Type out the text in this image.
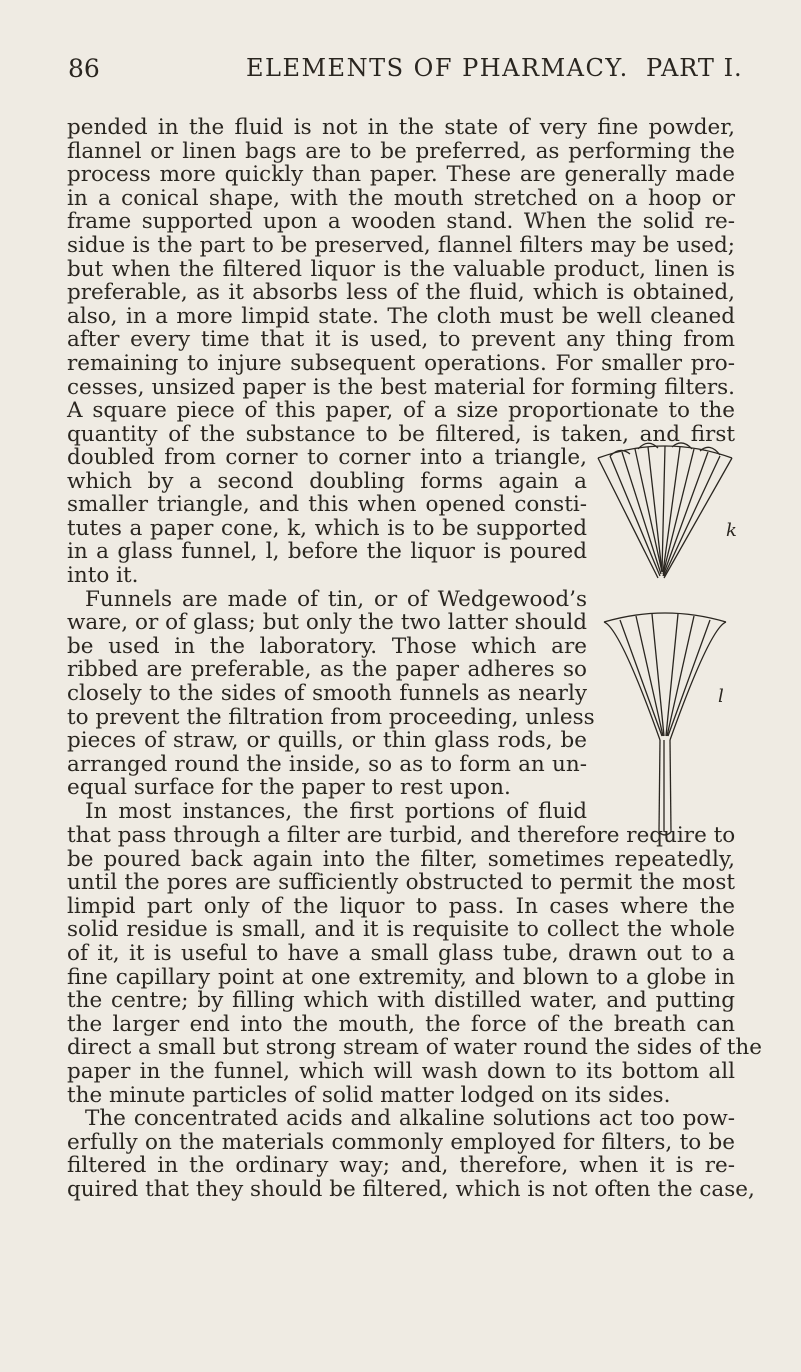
86	ELEMENTS OF PHARMACY. PART I.
pended in the fluid is not in the state of very fine powder,
flannel or linen bags are to be preferred, as performing the
process more quickly than paper. These are generally made
in a conical shape, with the mouth stretched on a hoop or
frame supported upon a wooden stand. When the solid re-
sidue is the part to be preserved, flannel filters may be used;
but when the filtered liquor is the valuable product, linen is
preferable, as it absorbs less of the fluid, which is obtained,
also, in a more limpid state. The cloth must be well cleaned
after every time that it is used, to prevent any thing from
remaining to injure subsequent operations. For smaller pro-
cesses, unsized paper is the best material for forming filters.
A square piece of this paper, of a size proportionate to the
quantity of the substance to be filtered, is taken, and first
doubled from corner to corner into a triangle,
which by a second doubling forms again a
smaller triangle, and this when opened consti-
tutes a paper cone, k, which is to be supported
in a glass funnel, l, before the liquor is poured
into it.
Funnels are made of tin, or of Wedgewood’s
ware, or of glass; but only the two latter should
be used in the laboratory. Those which are
ribbed are preferable, as the paper adheres so
closely to the sides of smooth funnels as nearly
to prevent the filtration from proceeding, unless
pieces of straw, or quills, or thin glass rods, be
arranged round the inside, so as to form an un-
equal surface for the paper to rest upon.
In most instances, the first portions of fluid
k
l
that pass through a filter are turbid, and therefore require to
be poured back again into the filter, sometimes repeatedly,
until the pores are sufficiently obstructed to permit the most
limpid part only of the liquor to pass. In cases where the
solid residue is small, and it is requisite to collect the whole
of it, it is useful to have a small glass tube, drawn out to a
fine capillary point at one extremity, and blown to a globe in
the centre; by filling which with distilled water, and putting
the larger end into the mouth, the force of the breath can
direct a small but strong stream of water round the sides of the
paper in the funnel, which will wash down to its bottom all
the minute particles of solid matter lodged on its sides.
The concentrated acids and alkaline solutions act too pow-
erfully on the materials commonly employed for filters, to be
filtered in the ordinary way; and, therefore, when it is re-
quired that they should be filtered, which is not often the case,
